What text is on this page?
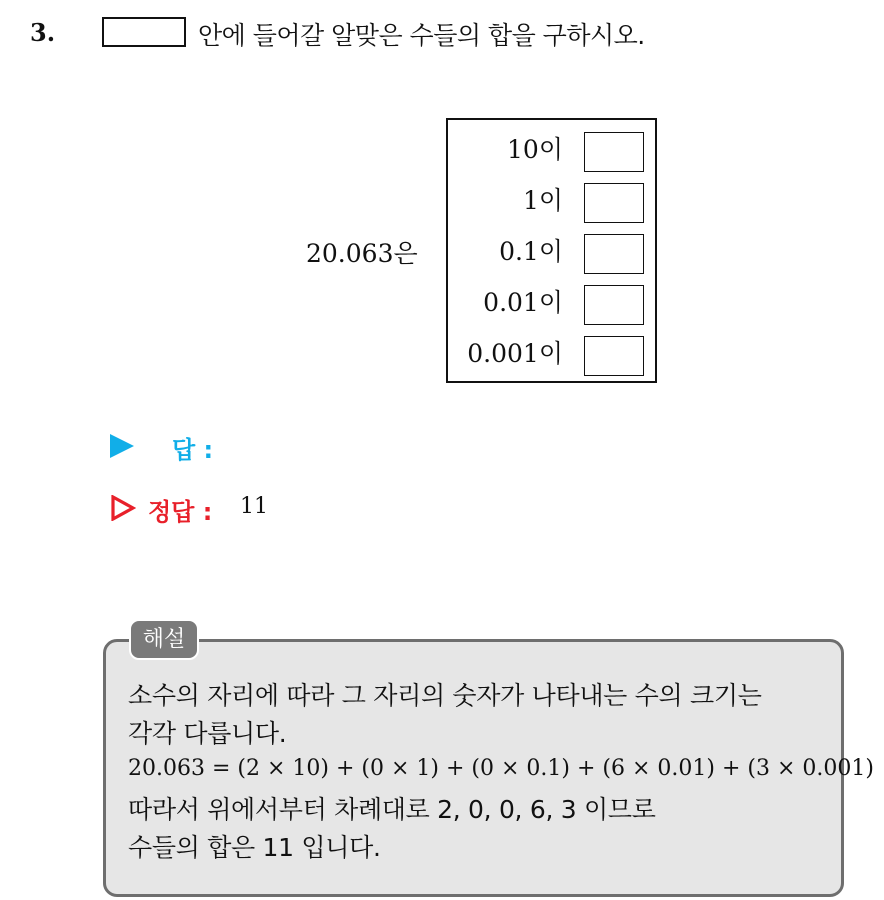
3.	안에 들어갈 알맞은 수들의 합을 구하시오.
20.063은
10이
1이
0.1이
0.01이
0.001이
답 :
정답 : 11
해설
소수의 자리에 따라 그 자리의 숫자가 나타내는 수의 크기는
각각 다릅니다.
20.063 = (2 × 10) + (0 × 1) + (0 × 0.1) + (6 × 0.01) + (3 × 0.001)
따라서 위에서부터 차례대로 2, 0, 0, 6, 3 이므로
수들의 합은 11 입니다.
